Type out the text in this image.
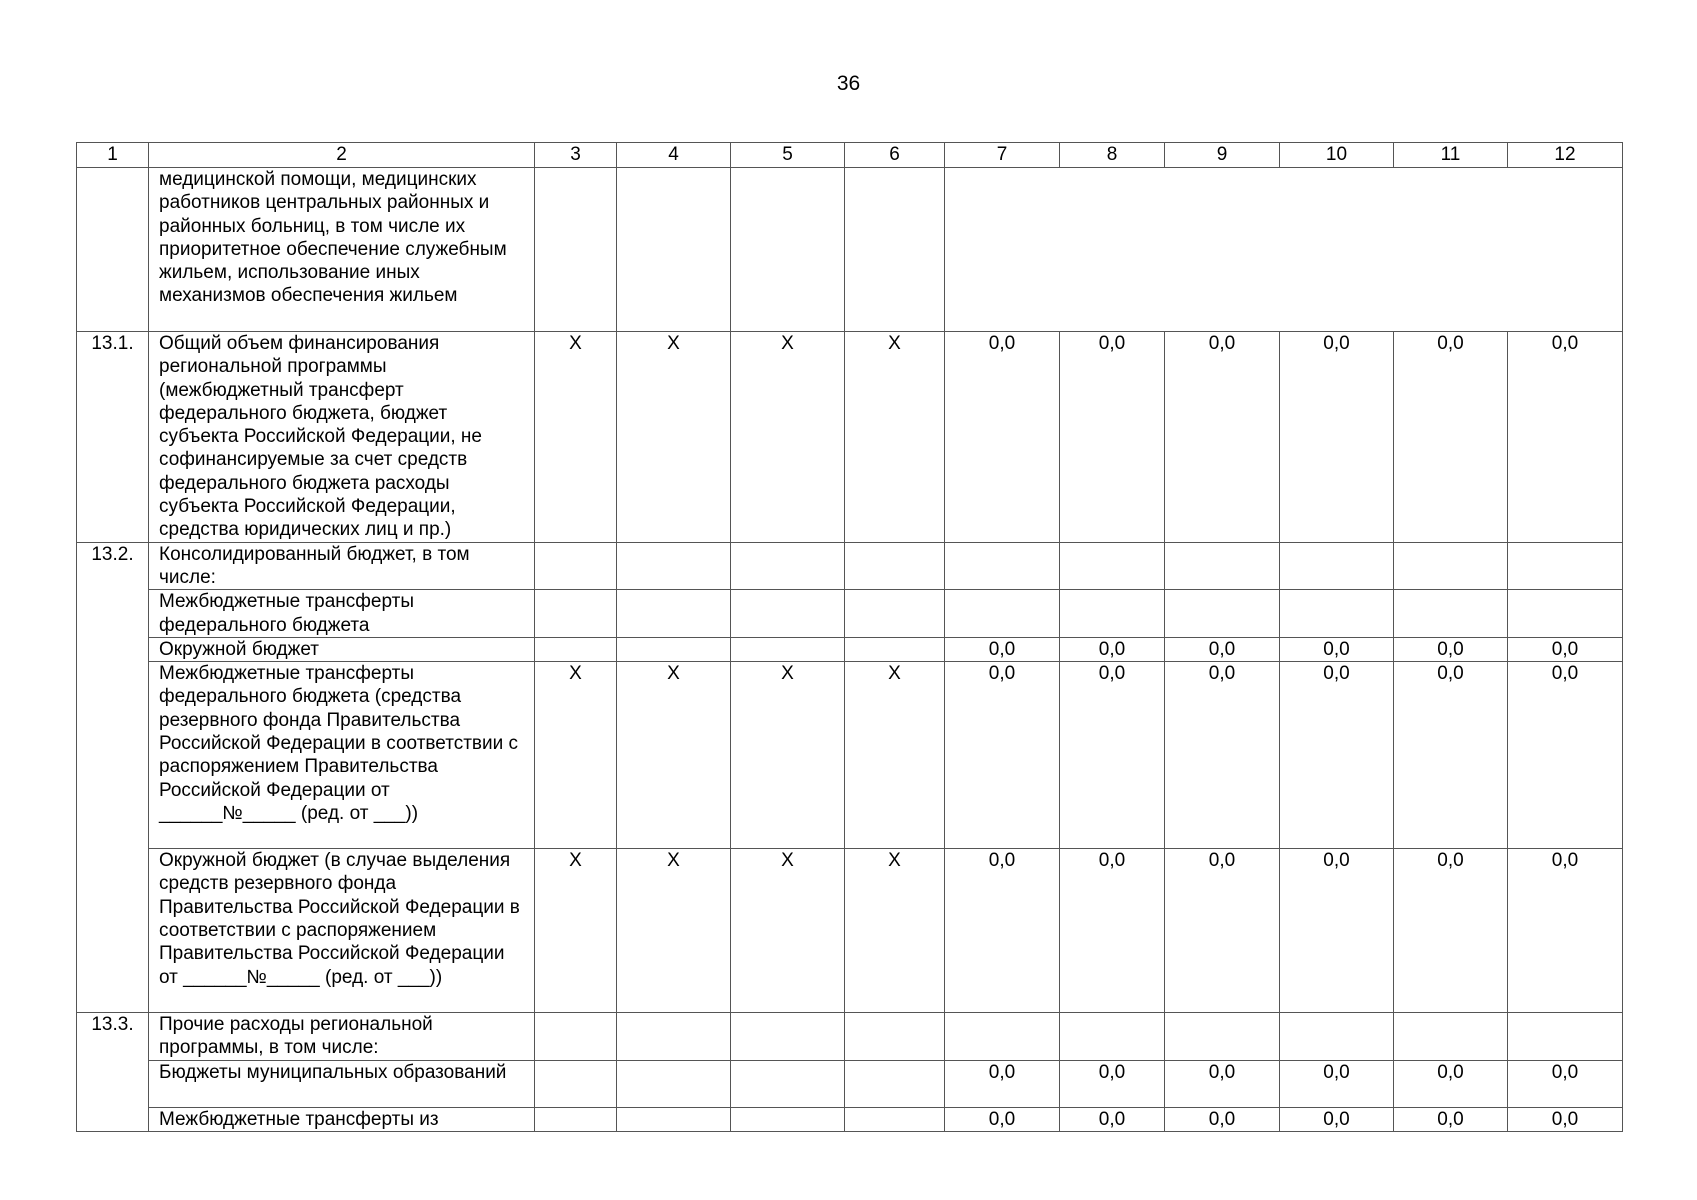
36
1	2	3	4	5	6	7	8	9	10	11	12
	медицинской помощи, медицинских работников центральных районных и районных больниц, в том числе их приоритетное обеспечение служебным жильем, использование иных механизмов обеспечения жильем										
13.1.	Общий объем финансирования региональной программы (межбюджетный трансферт федерального бюджета, бюджет субъекта Российской Федерации, не софинансируемые за счет средств федерального бюджета расходы субъекта Российской Федерации, средства юридических лиц и пр.)	X	X	X	X	0,0	0,0	0,0	0,0	0,0	0,0
13.2.	Консолидированный бюджет, в том числе:										
	Межбюджетные трансферты федерального бюджета										
	Окружной бюджет					0,0	0,0	0,0	0,0	0,0	0,0
	Межбюджетные трансферты федерального бюджета (средства резервного фонда Правительства Российской Федерации в соответствии с распоряжением Правительства Российской Федерации от ______№_____ (ред. от ___))	X	X	X	X	0,0	0,0	0,0	0,0	0,0	0,0
	Окружной бюджет (в случае выделения средств резервного фонда Правительства Российской Федерации в соответствии с распоряжением Правительства Российской Федерации от ______№_____ (ред. от ___))	X	X	X	X	0,0	0,0	0,0	0,0	0,0	0,0
13.3.	Прочие расходы региональной программы, в том числе:										
	Бюджеты муниципальных образований					0,0	0,0	0,0	0,0	0,0	0,0
	Межбюджетные трансферты из					0,0	0,0	0,0	0,0	0,0	0,0
